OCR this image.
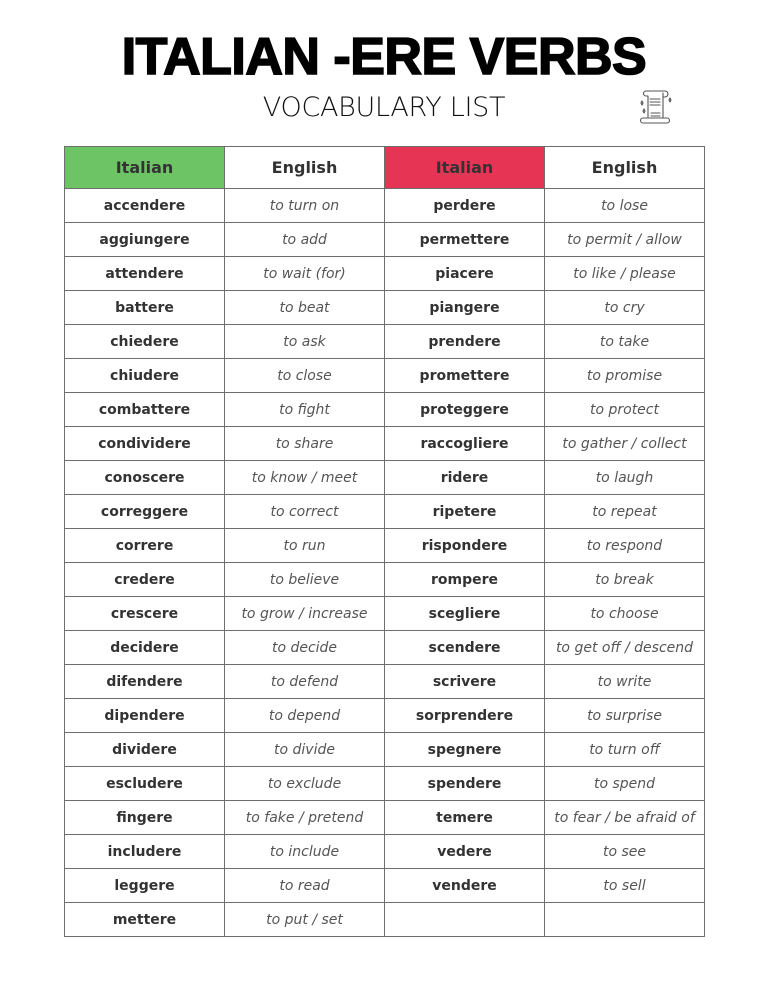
ITALIAN -ERE VERBS
VOCABULARY LIST
Italian	English	Italian	English
accendere	to turn on	perdere	to lose
aggiungere	to add	permettere	to permit / allow
attendere	to wait (for)	piacere	to like / please
battere	to beat	piangere	to cry
chiedere	to ask	prendere	to take
chiudere	to close	promettere	to promise
combattere	to fight	proteggere	to protect
condividere	to share	raccogliere	to gather / collect
conoscere	to know / meet	ridere	to laugh
correggere	to correct	ripetere	to repeat
correre	to run	rispondere	to respond
credere	to believe	rompere	to break
crescere	to grow / increase	scegliere	to choose
decidere	to decide	scendere	to get off / descend
difendere	to defend	scrivere	to write
dipendere	to depend	sorprendere	to surprise
dividere	to divide	spegnere	to turn off
escludere	to exclude	spendere	to spend
fingere	to fake / pretend	temere	to fear / be afraid of
includere	to include	vedere	to see
leggere	to read	vendere	to sell
mettere	to put / set		
